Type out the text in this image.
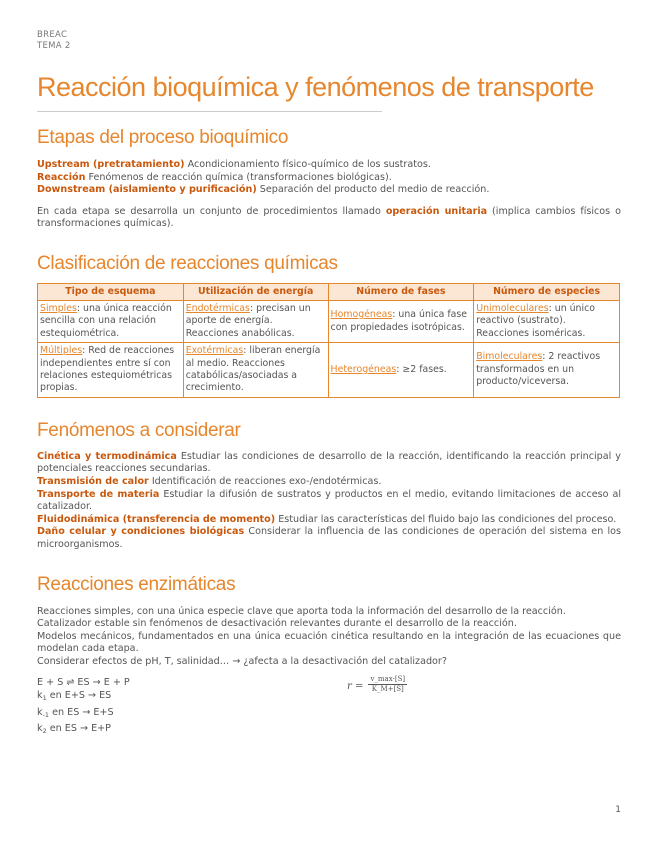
BREAC
TEMA 2
Reacción bioquímica y fenómenos de transporte
Etapas del proceso bioquímico

Upstream (pretratamiento) Acondicionamiento físico-químico de los sustratos.

Reacción Fenómenos de reacción química (transformaciones biológicas).

Downstream (aislamiento y purificación) Separación del producto del medio de reacción.

En cada etapa se desarrolla un conjunto de procedimientos llamado operación unitaria (implica cambios físicos o transformaciones químicas).

Clasificación de reacciones químicas
Tipo de esquema	Utilización de energía	Número de fases	Número de especies
Simples: una única reacción sencilla con una relación estequiométrica.	Endotérmicas: precisan un aporte de energía. Reacciones anabólicas.	Homogéneas: una única fase con propiedades isotrópicas.	Unimoleculares: un único reactivo (sustrato). Reacciones isoméricas.
Múltiples: Red de reacciones independientes entre sí con relaciones estequiométricas propias.	Exotérmicas: liberan energía al medio. Reacciones catabólicas/asociadas a crecimiento.	Heterogéneas: ≥2 fases.	Bimoleculares: 2 reactivos transformados en un producto/viceversa.
Fenómenos a considerar

Cinética y termodinámica Estudiar las condiciones de desarrollo de la reacción, identificando la reacción principal y potenciales reacciones secundarias.

Transmisión de calor Identificación de reacciones exo-/endotérmicas.

Transporte de materia Estudiar la difusión de sustratos y productos en el medio, evitando limitaciones de acceso al catalizador.

Fluidodinámica (transferencia de momento) Estudiar las características del fluido bajo las condiciones del proceso.

Daño celular y condiciones biológicas Considerar la influencia de las condiciones de operación del sistema en los microorganismos.

Reacciones enzimáticas

Reacciones simples, con una única especie clave que aporta toda la información del desarrollo de la reacción.

Catalizador estable sin fenómenos de desactivación relevantes durante el desarrollo de la reacción.

Modelos mecánicos, fundamentados en una única ecuación cinética resultando en la integración de las ecuaciones que modelan cada etapa.

Considerar efectos de pH, T, salinidad… → ¿afecta a la desactivación del catalizador?

E + S ⇌ ES → E + P
$k_1$ en E+S → ES
$k_{-1}$ en ES → E+S
$k_2$ en ES → E+P
$r = \frac{v\_\max\cdot[S]}{K\_M+[S]}$
1
